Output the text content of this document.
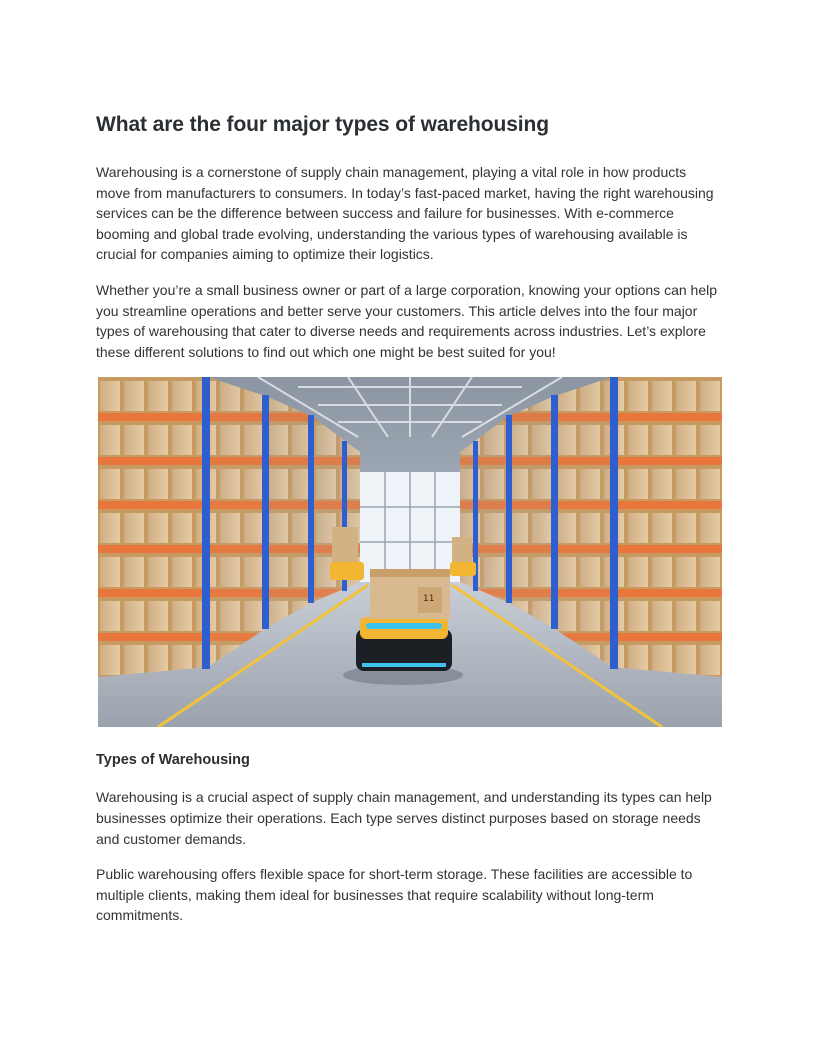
What are the four major types of warehousing

Warehousing is a cornerstone of supply chain management, playing a vital role in how products move from manufacturers to consumers. In today’s fast-paced market, having the right warehousing services can be the difference between success and failure for businesses. With e-commerce booming and global trade evolving, understanding the various types of warehousing available is crucial for companies aiming to optimize their logistics.

Whether you’re a small business owner or part of a large corporation, knowing your options can help you streamline operations and better serve your customers. This article delves into the four major types of warehousing that cater to diverse needs and requirements across industries. Let’s explore these different solutions to find out which one might be best suited for you!

11
Types of Warehousing

Warehousing is a crucial aspect of supply chain management, and understanding its types can help businesses optimize their operations. Each type serves distinct purposes based on storage needs and customer demands.

Public warehousing offers flexible space for short-term storage. These facilities are accessible to multiple clients, making them ideal for businesses that require scalability without long-term commitments.
